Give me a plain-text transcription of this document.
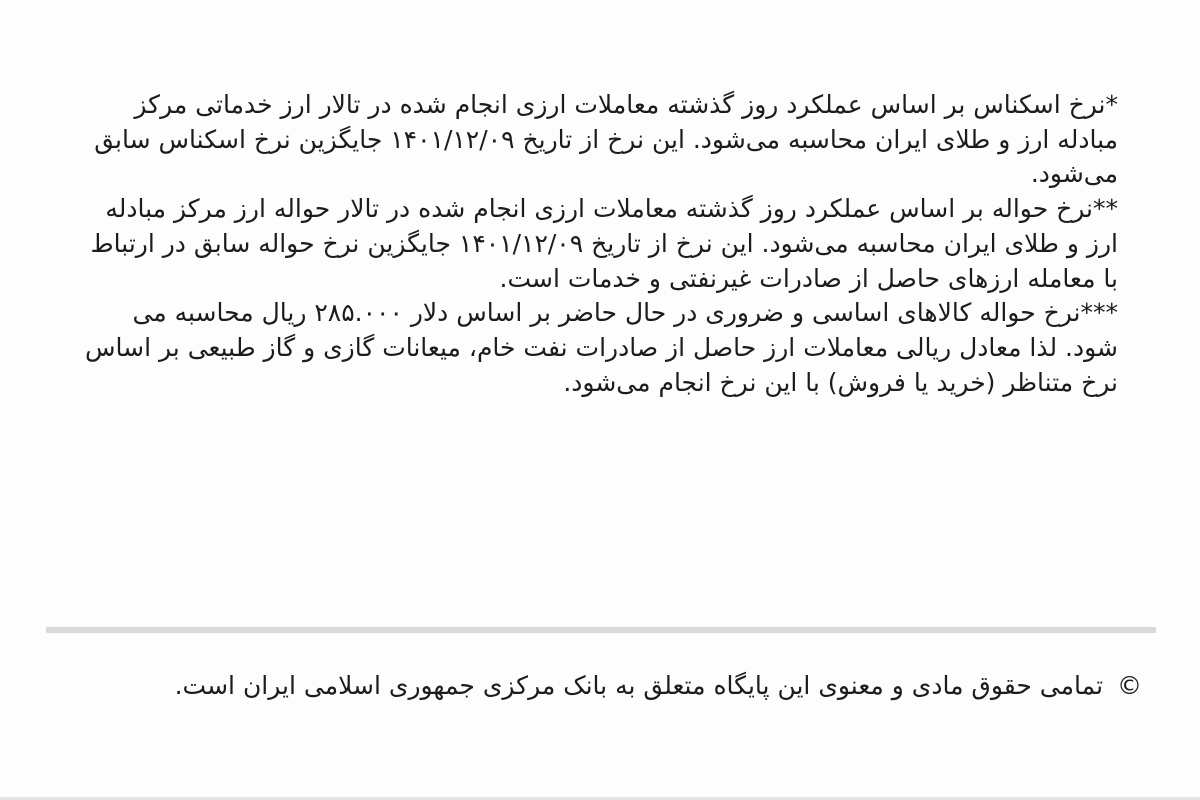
*نرخ اسکناس بر اساس عملکرد روز گذشته معاملات ارزی انجام شده در تالار ارز خدماتی مرکز مبادله ارز و طلای ایران محاسبه می‌شود. این نرخ از تاریخ ۱۴۰۱/۱۲/۰۹ جایگزین نرخ اسکناس سابق می‌شود.

**نرخ حواله بر اساس عملکرد روز گذشته معاملات ارزی انجام شده در تالار حواله ارز مرکز مبادله ارز و طلای ایران محاسبه می‌شود. این نرخ از تاریخ ۱۴۰۱/۱۲/۰۹ جایگزین نرخ حواله سابق در ارتباط با معامله ارزهای حاصل از صادرات غیرنفتی و خدمات است.

***نرخ حواله کالاهای اساسی و ضروری در حال حاضر بر اساس دلار ۲۸۵.۰۰۰ ریال محاسبه می شود. لذا معادل ریالی معاملات ارز حاصل از صادرات نفت خام، میعانات گازی و گاز طبیعی بر اساس نرخ متناظر (خرید یا فروش) با این نرخ انجام می‌شود.

© تمامی حقوق مادی و معنوی این پایگاه متعلق به بانک مرکزی جمهوری اسلامی ایران است.
